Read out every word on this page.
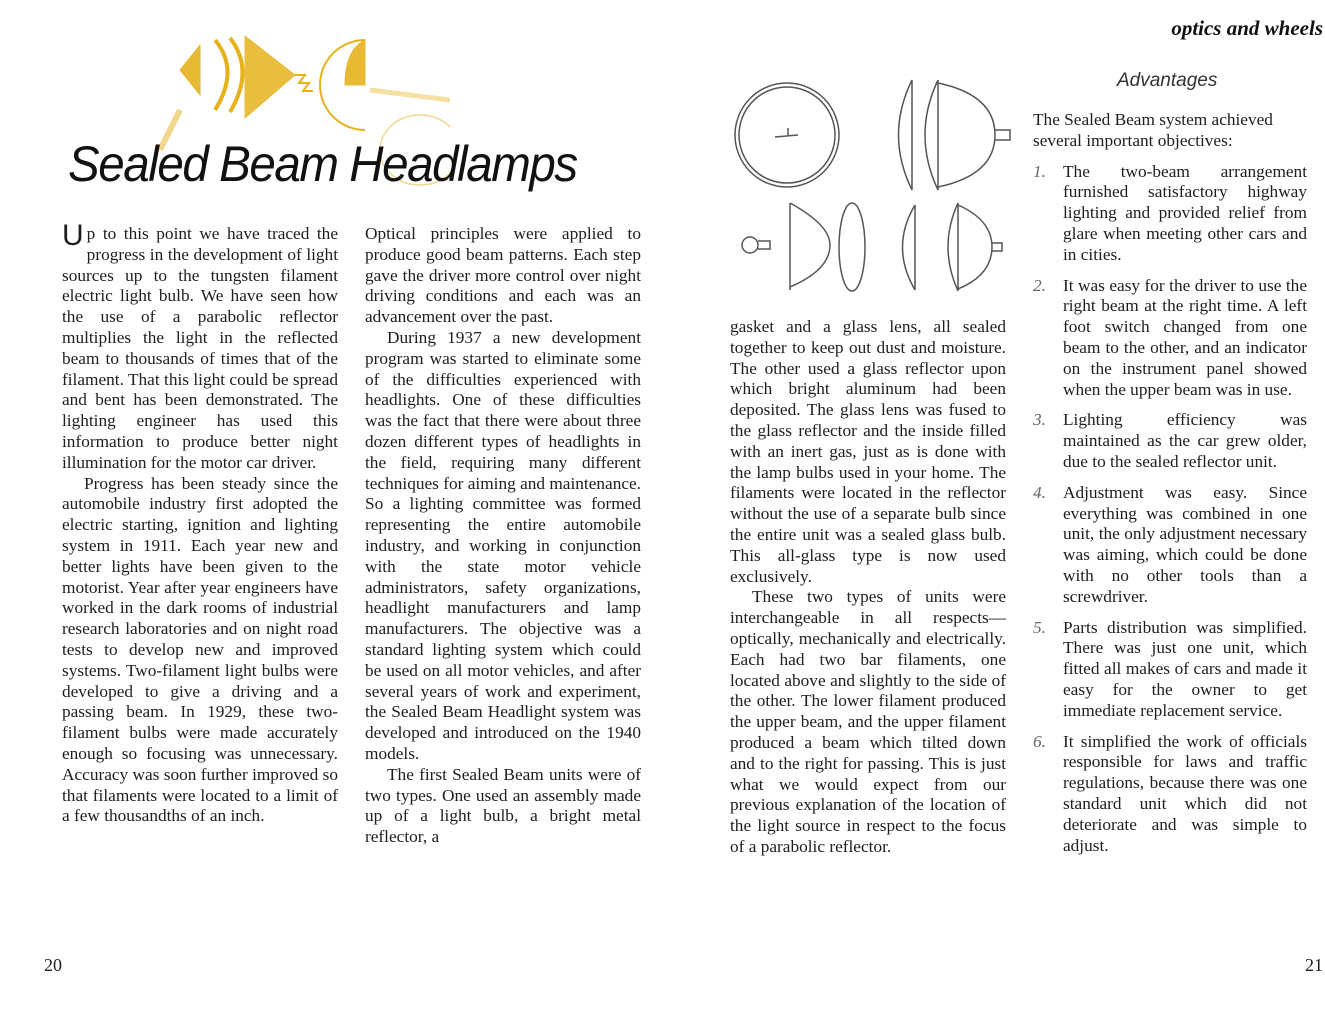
Sealed Beam Headlamps

Up to this point we have traced the progress in the development of light sources up to the tungsten filament electric light bulb. We have seen how the use of a parabolic reflector multiplies the light in the reflected beam to thousands of times that of the filament. That this light could be spread and bent has been demonstrated. The lighting engineer has used this information to produce better night illumination for the motor car driver.

Progress has been steady since the automobile industry first adopted the electric starting, ignition and lighting system in 1911. Each year new and better lights have been given to the motorist. Year after year engineers have worked in the dark rooms of industrial research laboratories and on night road tests to develop new and improved systems. Two-filament light bulbs were developed to give a driving and a passing beam. In 1929, these two-filament bulbs were made accurately enough so focusing was unnecessary. Accuracy was soon further improved so that filaments were located to a limit of a few thousandths of an inch.

Optical principles were applied to produce good beam patterns. Each step gave the driver more control over night driving conditions and each was an advancement over the past.

During 1937 a new development program was started to eliminate some of the difficulties experienced with headlights. One of these difficulties was the fact that there were about three dozen different types of headlights in the field, requiring many different techniques for aiming and maintenance. So a lighting committee was formed representing the entire automobile industry, and working in conjunction with the state motor vehicle administrators, safety organizations, headlight manufacturers and lamp manufacturers. The objective was a standard lighting system which could be used on all motor vehicles, and after several years of work and experiment, the Sealed Beam Headlight system was developed and introduced on the 1940 models.

The first Sealed Beam units were of two types. One used an assembly made up of a light bulb, a bright metal reflector, a

20
optics and wheels

gasket and a glass lens, all sealed together to keep out dust and moisture. The other used a glass reflector upon which bright aluminum had been deposited. The glass lens was fused to the glass reflector and the inside filled with an inert gas, just as is done with the lamp bulbs used in your home. The filaments were located in the reflector without the use of a separate bulb since the entire unit was a sealed glass bulb. This all-glass type is now used exclusively.

These two types of units were interchangeable in all respects—optically, mechanically and electrically. Each had two bar filaments, one located above and slightly to the side of the other. The lower filament produced the upper beam, and the upper filament produced a beam which tilted down and to the right for passing. This is just what we would expect from our previous explanation of the location of the light source in respect to the focus of a parabolic reflector.

Advantages
The Sealed Beam system achieved several important objectives:
1. The two-beam arrangement furnished satisfactory highway lighting and provided relief from glare when meeting other cars and in cities.
2. It was easy for the driver to use the right beam at the right time. A left foot switch changed from one beam to the other, and an indicator on the instrument panel showed when the upper beam was in use.
3. Lighting efficiency was maintained as the car grew older, due to the sealed reflector unit.
4. Adjustment was easy. Since everything was combined in one unit, the only adjustment necessary was aiming, which could be done with no other tools than a screwdriver.
5. Parts distribution was simplified. There was just one unit, which fitted all makes of cars and made it easy for the owner to get immediate replacement service.
6. It simplified the work of officials responsible for laws and traffic regulations, because there was one standard unit which did not deteriorate and was simple to adjust.
21
